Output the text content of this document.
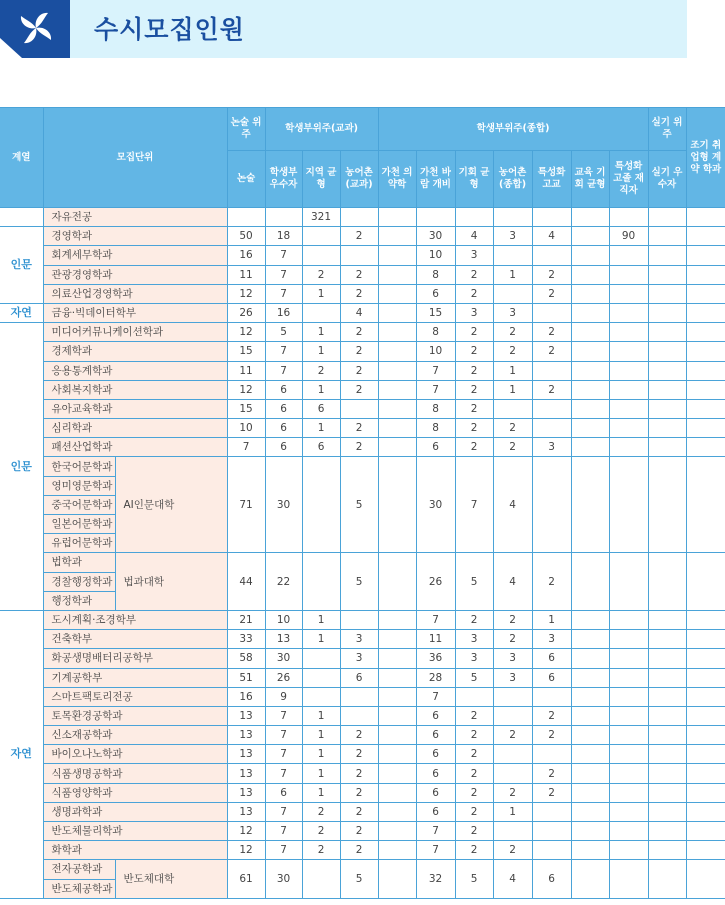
수시모집인원
계열	모집단위		논술 위주	학생부위주(교과)			학생부위주(종합)							실기 위주	조기 취업형 계약 학과
			논술	학생부 우수자	지역 균형	농어촌 (교과)	가천 의약학	가천 바람 개비	기회 균형	농어촌 (종합)	특성화 고교	교육 기회 균형	특성화 고졸 재직자	실기 우수자	
	자유전공				321										
인문	경영학과		50	18		2		30	4	3	4		90		
	회계세무학과		16	7				10	3						
	관광경영학과		11	7	2	2		8	2	1	2				
	의료산업경영학과		12	7	1	2		6	2		2				
자연	금융·빅데이터학부		26	16		4		15	3	3					
인문	미디어커뮤니케이션학과		12	5	1	2		8	2	2	2				
	경제학과		15	7	1	2		10	2	2	2				
	응용통계학과		11	7	2	2		7	2	1					
	사회복지학과		12	6	1	2		7	2	1	2				
	유아교육학과		15	6	6			8	2						
	심리학과		10	6	1	2		8	2	2					
	패션산업학과		7	6	6	2		6	2	2	3				
	한국어문학과	AI인문대학	71	30		5		30	7	4					
	영미영문학과														
	중국어문학과														
	일본어문학과														
	유럽어문학과														
	법학과	법과대학	44	22		5		26	5	4	2				
	경찰행정학과														
	행정학과														
자연	도시계획·조경학부		21	10	1			7	2	2	1				
	건축학부		33	13	1	3		11	3	2	3				
	화공생명배터리공학부		58	30		3		36	3	3	6				
	기계공학부		51	26		6		28	5	3	6				
	스마트팩토리전공		16	9				7							
	토목환경공학과		13	7	1			6	2		2				
	신소재공학과		13	7	1	2		6	2	2	2				
	바이오나노학과		13	7	1	2		6	2						
	식품생명공학과		13	7	1	2		6	2		2				
	식품영양학과		13	6	1	2		6	2	2	2				
	생명과학과		13	7	2	2		6	2	1					
	반도체물리학과		12	7	2	2		7	2						
	화학과		12	7	2	2		7	2	2					
	전자공학과	반도체대학	61	30		5		32	5	4	6				
	반도체공학과														
